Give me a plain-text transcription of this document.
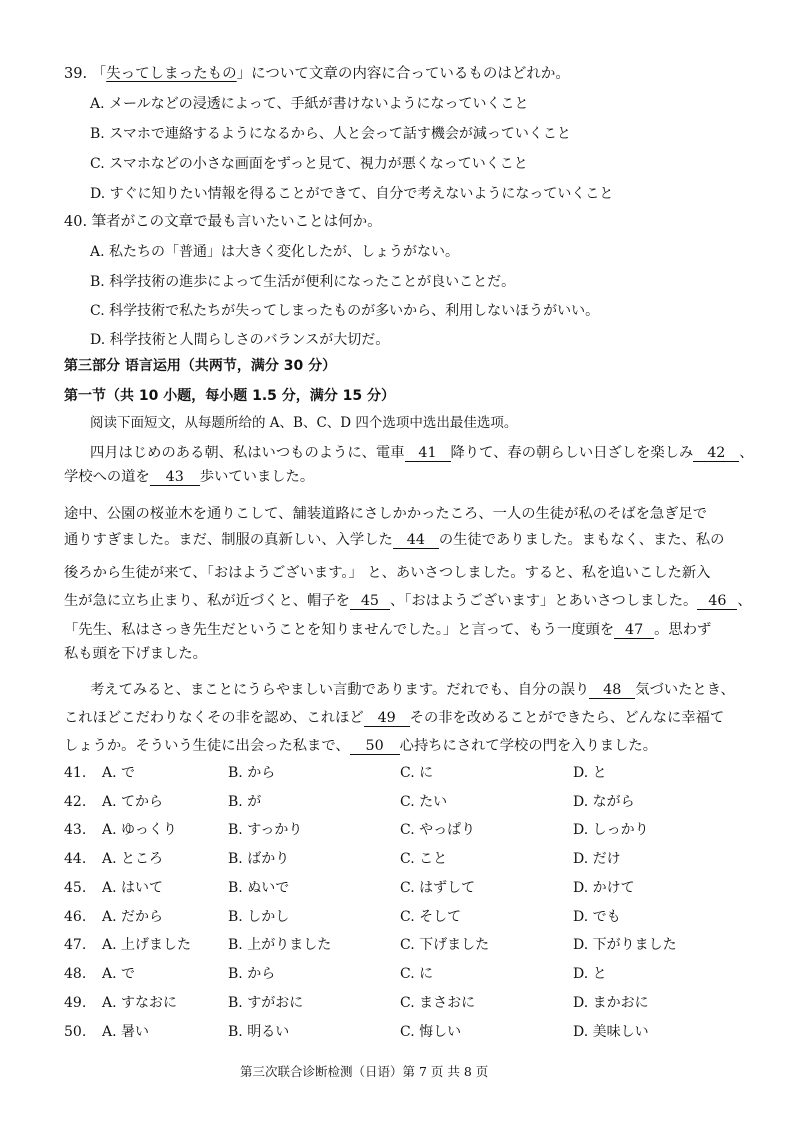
39. 「失ってしまったもの」について文章の内容に合っているものはどれか。
A. メールなどの浸透によって、手紙が書けないようになっていくこと
B. スマホで連絡するようになるから、人と会って話す機会が減っていくこと
C. スマホなどの小さな画面をずっと見て、視力が悪くなっていくこと
D. すぐに知りたい情報を得ることができて、自分で考えないようになっていくこと
40. 筆者がこの文章で最も言いたいことは何か。
A. 私たちの「普通」は大きく変化したが、しょうがない。
B. 科学技術の進歩によって生活が便利になったことが良いことだ。
C. 科学技術で私たちが失ってしまったものが多いから、利用しないほうがいい。
D. 科学技術と人間らしさのバランスが大切だ。
第三部分 语言运用（共两节，满分 30 分）
第一节（共 10 小题，每小题 1.5 分，满分 15 分）
阅读下面短文，从每题所给的 A、B、C、D 四个选项中选出最佳选项。
四月はじめのある朝、私はいつものように、電車 41 降りて、春の朝らしい日ざしを楽しみ 42 、
学校への道を 43 歩いていました。
途中、公園の桜並木を通りこして、舗装道路にさしかかったころ、一人の生徒が私のそばを急ぎ足で
通りすぎました。まだ、制服の真新しい、入学した 44 の生徒でありました。まもなく、また、私の
後ろから生徒が来て、「おはようございます。」 と、あいさつしました。すると、私を追いこした新入
生が急に立ち止まり、私が近づくと、帽子を 45 、「おはようございます」とあいさつしました。 46 、
「先生、私はさっき先生だということを知りませんでした。」と言って、もう一度頭を 47 。思わず
私も頭を下げました。
考えてみると、まことにうらやましい言動であります。だれでも、自分の誤り 48 気づいたとき、
これほどこだわりなくその非を認め、これほど 49 その非を改めることができたら、どんなに幸福て
しょうか。そういう生徒に出会った私まで、 50 心持ちにされて学校の門を入りました。
41. A. で	B. から	C. に	D. と
42. A. てから	B. が	C. たい	D. ながら
43. A. ゆっくり	B. すっかり	C. やっぱり	D. しっかり
44. A. ところ	B. ばかり	C. こと	D. だけ
45. A. はいて	B. ぬいで	C. はずして	D. かけて
46. A. だから	B. しかし	C. そして	D. でも
47. A. 上げました	B. 上がりました	C. 下げました	D. 下がりました
48. A. で	B. から	C. に	D. と
49. A. すなおに	B. すがおに	C. まさおに	D. まかおに
50. A. 暑い	B. 明るい	C. 悔しい	D. 美味しい
第三次联合诊断检测（日语）第 7 页 共 8 页
